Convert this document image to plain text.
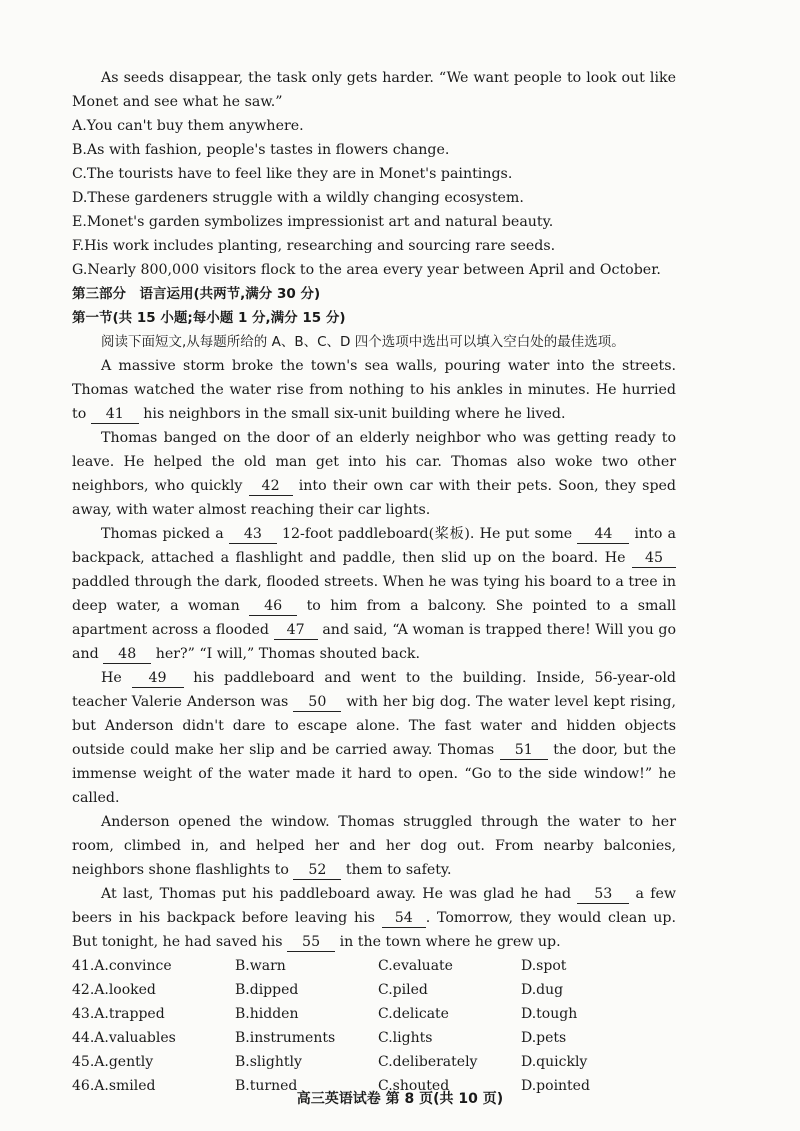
As seeds disappear, the task only gets harder. “We want people to look out like Monet and see what he saw.”

A.You can't buy them anywhere.

B.As with fashion, people's tastes in flowers change.

C.The tourists have to feel like they are in Monet's paintings.

D.These gardeners struggle with a wildly changing ecosystem.

E.Monet's garden symbolizes impressionist art and natural beauty.

F.His work includes planting, researching and sourcing rare seeds.

G.Nearly 800,000 visitors flock to the area every year between April and October.

第三部分　语言运用(共两节,满分 30 分)

第一节(共 15 小题;每小题 1 分,满分 15 分)

阅读下面短文,从每题所给的 A、B、C、D 四个选项中选出可以填入空白处的最佳选项。

A massive storm broke the town's sea walls, pouring water into the streets. Thomas watched the water rise from nothing to his ankles in minutes. He hurried to 41 his neighbors in the small six-unit building where he lived.

Thomas banged on the door of an elderly neighbor who was getting ready to leave. He helped the old man get into his car. Thomas also woke two other neighbors, who quickly 42 into their own car with their pets. Soon, they sped away, with water almost reaching their car lights.

Thomas picked a 43 12-foot paddleboard(桨板). He put some 44 into a backpack, attached a flashlight and paddle, then slid up on the board. He 45 paddled through the dark, flooded streets. When he was tying his board to a tree in deep water, a woman 46 to him from a balcony. She pointed to a small apartment across a flooded 47 and said, “A woman is trapped there! Will you go and 48 her?” “I will,” Thomas shouted back.

He 49 his paddleboard and went to the building. Inside, 56-year-old teacher Valerie Anderson was 50 with her big dog. The water level kept rising, but Anderson didn't dare to escape alone. The fast water and hidden objects outside could make her slip and be carried away. Thomas 51 the door, but the immense weight of the water made it hard to open. “Go to the side window!” he called.

Anderson opened the window. Thomas struggled through the water to her room, climbed in, and helped her and her dog out. From nearby balconies, neighbors shone flashlights to 52 them to safety.

At last, Thomas put his paddleboard away. He was glad he had 53 a few beers in his backpack before leaving his 54 . Tomorrow, they would clean up. But tonight, he had saved his 55 in the town where he grew up.

41.A.convince	B.warn	C.evaluate	D.spot
42.A.looked	B.dipped	C.piled	D.dug
43.A.trapped	B.hidden	C.delicate	D.tough
44.A.valuables	B.instruments	C.lights	D.pets
45.A.gently	B.slightly	C.deliberately	D.quickly
46.A.smiled	B.turned	C.shouted	D.pointed
高三英语试卷 第 8 页(共 10 页)
